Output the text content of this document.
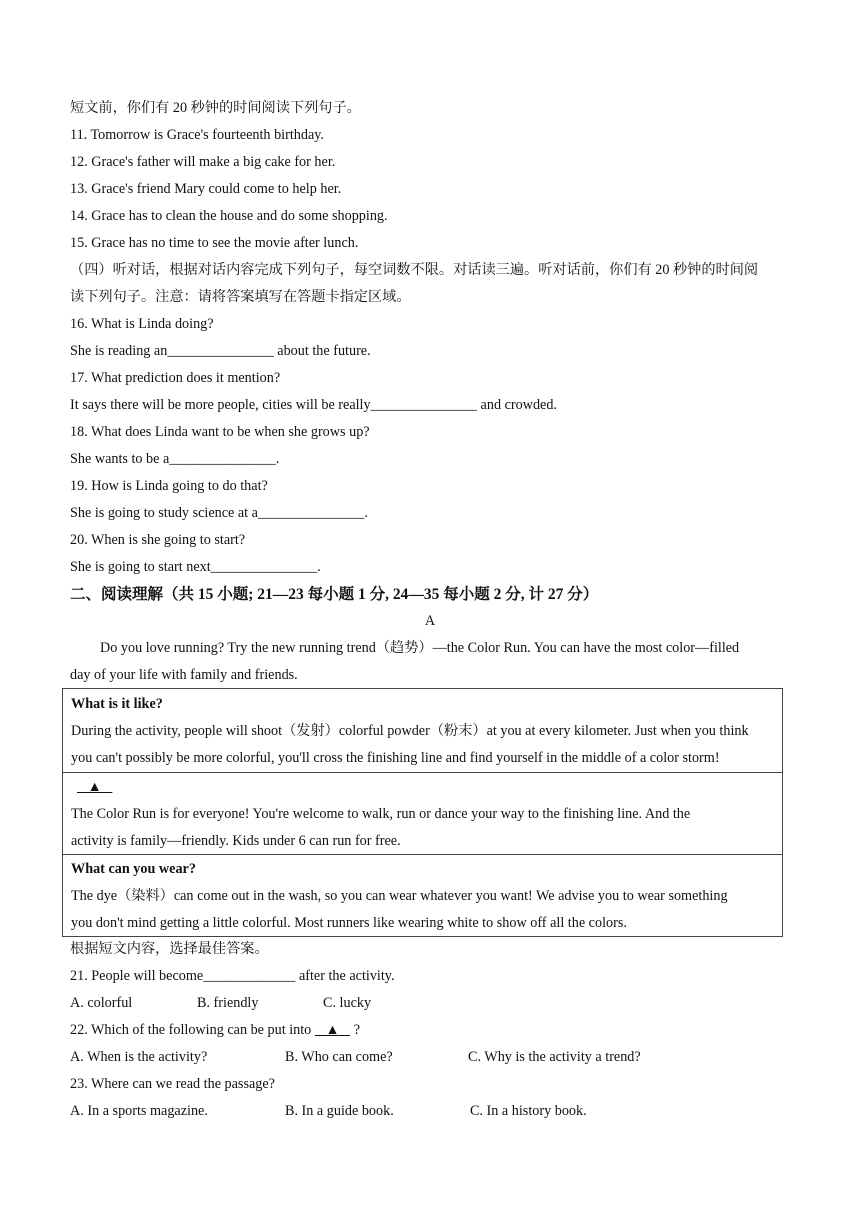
短文前，你们有 20 秒钟的时间阅读下列句子。
11. Tomorrow is Grace's fourteenth birthday.
12. Grace's father will make a big cake for her.
13. Grace's friend Mary could come to help her.
14. Grace has to clean the house and do some shopping.
15. Grace has no time to see the movie after lunch.
（四）听对话，根据对话内容完成下列句子，每空词数不限。对话读三遍。听对话前，你们有 20 秒钟的时间阅
读下列句子。注意：请将答案填写在答题卡指定区域。
16. What is Linda doing?
She is reading an_______________ about the future.
17. What prediction does it mention?
It says there will be more people, cities will be really_______________ and crowded.
18. What does Linda want to be when she grows up?
She wants to be a_______________.
19. How is Linda going to do that?
She is going to study science at a_______________.
20. When is she going to start?
She is going to start next_______________.
二、阅读理解（共 15 小题; 21—23 每小题 1 分, 24—35 每小题 2 分, 计 27 分）
A
Do you love running? Try the new running trend（趋势）—the Color Run. You can have the most color—filled
day of your life with family and friends.
What is it like?
During the activity, people will shoot（发射）colorful powder（粉末）at you at every kilometer. Just when you think
you can't possibly be more colorful, you'll cross the finishing line and find yourself in the middle of a color storm!
▲
The Color Run is for everyone! You're welcome to walk, run or dance your way to the finishing line. And the
activity is family—friendly. Kids under 6 can run for free.
What can you wear?
The dye（染料）can come out in the wash, so you can wear whatever you want! We advise you to wear something
you don't mind getting a little colorful. Most runners like wearing white to show off all the colors.
根据短文内容，选择最佳答案。
21. People will become_____________ after the activity.
A. colorful	B. friendly	C. lucky
22. Which of the following can be put into    ▲    ?
A. When is the activity?	B. Who can come?	C. Why is the activity a trend?
23. Where can we read the passage?
A. In a sports magazine.	B. In a guide book.	C. In a history book.
